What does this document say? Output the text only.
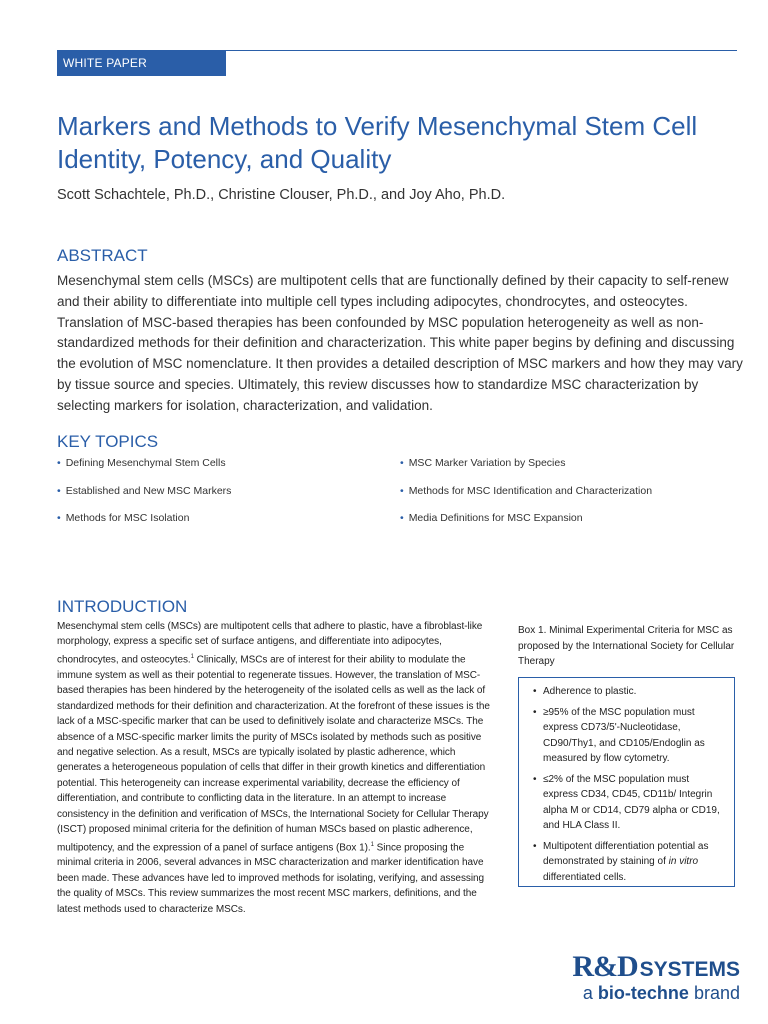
WHITE PAPER
Markers and Methods to Verify Mesenchymal Stem Cell Identity, Potency, and Quality

Scott Schachtele, Ph.D., Christine Clouser, Ph.D., and Joy Aho, Ph.D.

ABSTRACT

Mesenchymal stem cells (MSCs) are multipotent cells that are functionally defined by their capacity to self-renew and their ability to differentiate into multiple cell types including adipocytes, chondrocytes, and osteocytes. Translation of MSC-based therapies has been confounded by MSC population heterogeneity as well as non-standardized methods for their definition and characterization. This white paper begins by defining and discussing the evolution of MSC nomenclature. It then provides a detailed description of MSC markers and how they may vary by tissue source and species. Ultimately, this review discusses how to standardize MSC characterization by selecting markers for isolation, characterization, and validation.

KEY TOPICS
• Defining Mesenchymal Stem Cells
• Established and New MSC Markers
• Methods for MSC Isolation
• MSC Marker Variation by Species
• Methods for MSC Identification and Characterization
• Media Definitions for MSC Expansion
INTRODUCTION

Mesenchymal stem cells (MSCs) are multipotent cells that adhere to plastic, have a fibroblast-like morphology, express a specific set of surface antigens, and differentiate into adipocytes, chondrocytes, and osteocytes.$^1$ Clinically, MSCs are of interest for their ability to modulate the immune system as well as their potential to regenerate tissues. However, the translation of MSC-based therapies has been hindered by the heterogeneity of the isolated cells as well as the lack of standardized methods for their definition and characterization. At the forefront of these issues is the lack of a MSC-specific marker that can be used to definitively isolate and characterize MSCs. The absence of a MSC-specific marker limits the purity of MSCs isolated by methods such as positive and negative selection. As a result, MSCs are typically isolated by plastic adherence, which generates a heterogeneous population of cells that differ in their growth kinetics and differentiation potential. This heterogeneity can increase experimental variability, decrease the efficiency of differentiation, and contribute to conflicting data in the literature. In an attempt to increase consistency in the definition and verification of MSCs, the International Society for Cellular Therapy (ISCT) proposed minimal criteria for the definition of human MSCs based on plastic adherence, multipotency, and the expression of a panel of surface antigens (Box 1).$^1$ Since proposing the minimal criteria in 2006, several advances in MSC characterization and marker identification have been made. These advances have led to improved methods for isolating, verifying, and assessing the quality of MSCs. This review summarizes the most recent MSC markers, definitions, and the latest methods used to characterize MSCs.

Box 1. Minimal Experimental Criteria for MSC as proposed by the International Society for Cellular Therapy

• Adherence to plastic.
• ≥95% of the MSC population must express CD73/5'-Nucleotidase, CD90/Thy1, and CD105/Endoglin as measured by flow cytometry.
• ≤2% of the MSC population must express CD34, CD45, CD11b/ Integrin alpha M or CD14, CD79 alpha or CD19, and HLA Class II.
• Multipotent differentiation potential as demonstrated by staining of in vitro differentiated cells.
R&DSYSTEMS
a bio-techne brand
